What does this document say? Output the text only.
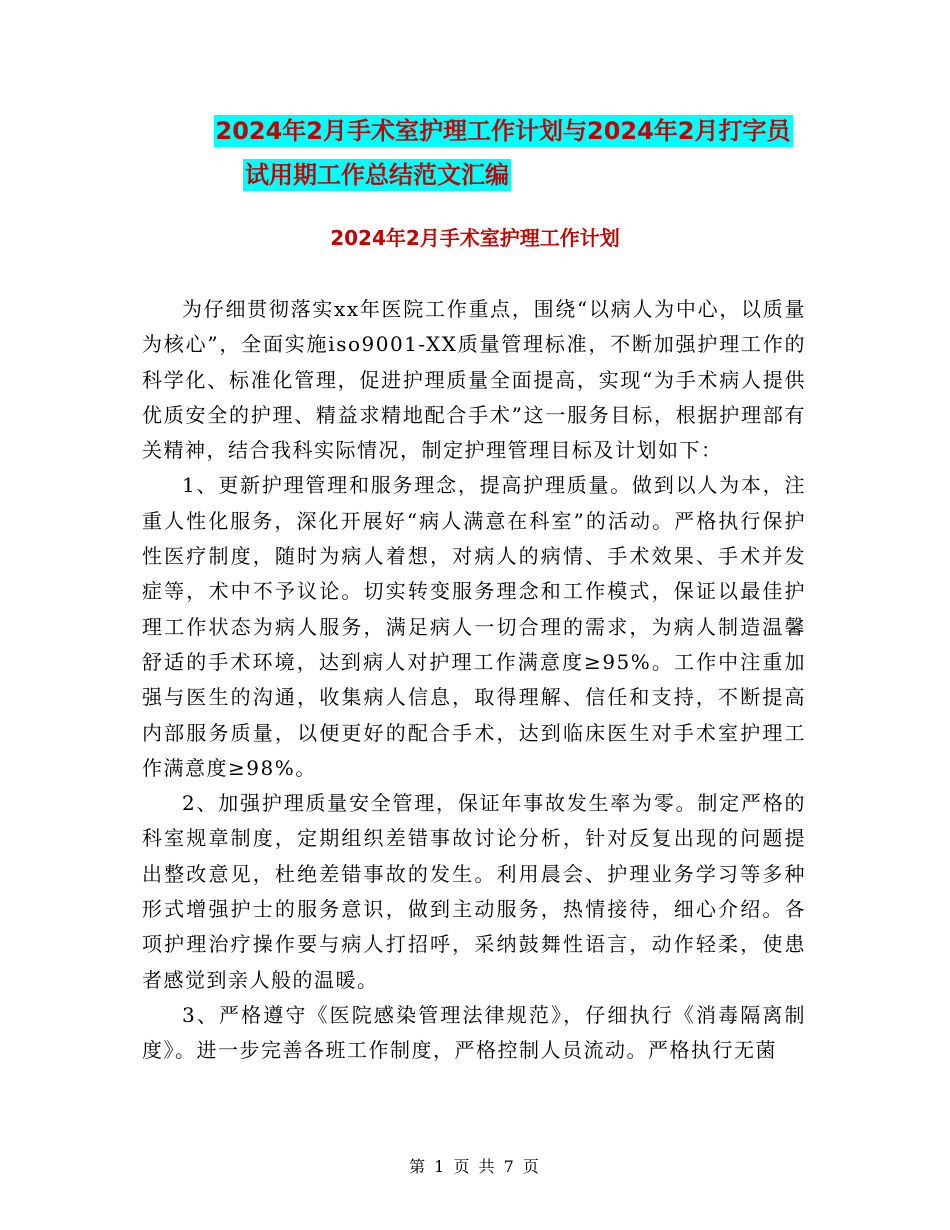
2024年2月手术室护理工作计划与2024年2月打字员
试用期工作总结范文汇编
2024年2月手术室护理工作计划

为仔细贯彻落实xx年医院工作重点，围绕“以病人为中心，以质量为核心”，全面实施iso9001-XX质量管理标准，不断加强护理工作的科学化、标准化管理，促进护理质量全面提高，实现“为手术病人提供优质安全的护理、精益求精地配合手术”这一服务目标，根据护理部有关精神，结合我科实际情况，制定护理管理目标及计划如下：

1、更新护理管理和服务理念，提高护理质量。做到以人为本，注重人性化服务，深化开展好“病人满意在科室”的活动。严格执行保护性医疗制度，随时为病人着想，对病人的病情、手术效果、手术并发症等，术中不予议论。切实转变服务理念和工作模式，保证以最佳护理工作状态为病人服务，满足病人一切合理的需求，为病人制造温馨舒适的手术环境，达到病人对护理工作满意度≥95%。工作中注重加强与医生的沟通，收集病人信息，取得理解、信任和支持，不断提高内部服务质量，以便更好的配合手术，达到临床医生对手术室护理工作满意度≥98%。

2、加强护理质量安全管理，保证年事故发生率为零。制定严格的科室规章制度，定期组织差错事故讨论分析，针对反复出现的问题提出整改意见，杜绝差错事故的发生。利用晨会、护理业务学习等多种形式增强护士的服务意识，做到主动服务，热情接待，细心介绍。各项护理治疗操作要与病人打招呼，采纳鼓舞性语言，动作轻柔，使患者感觉到亲人般的温暖。

3、严格遵守《医院感染管理法律规范》，仔细执行《消毒隔离制度》。进一步完善各班工作制度，严格控制人员流动。严格执行无菌

第 1 页 共 7 页
